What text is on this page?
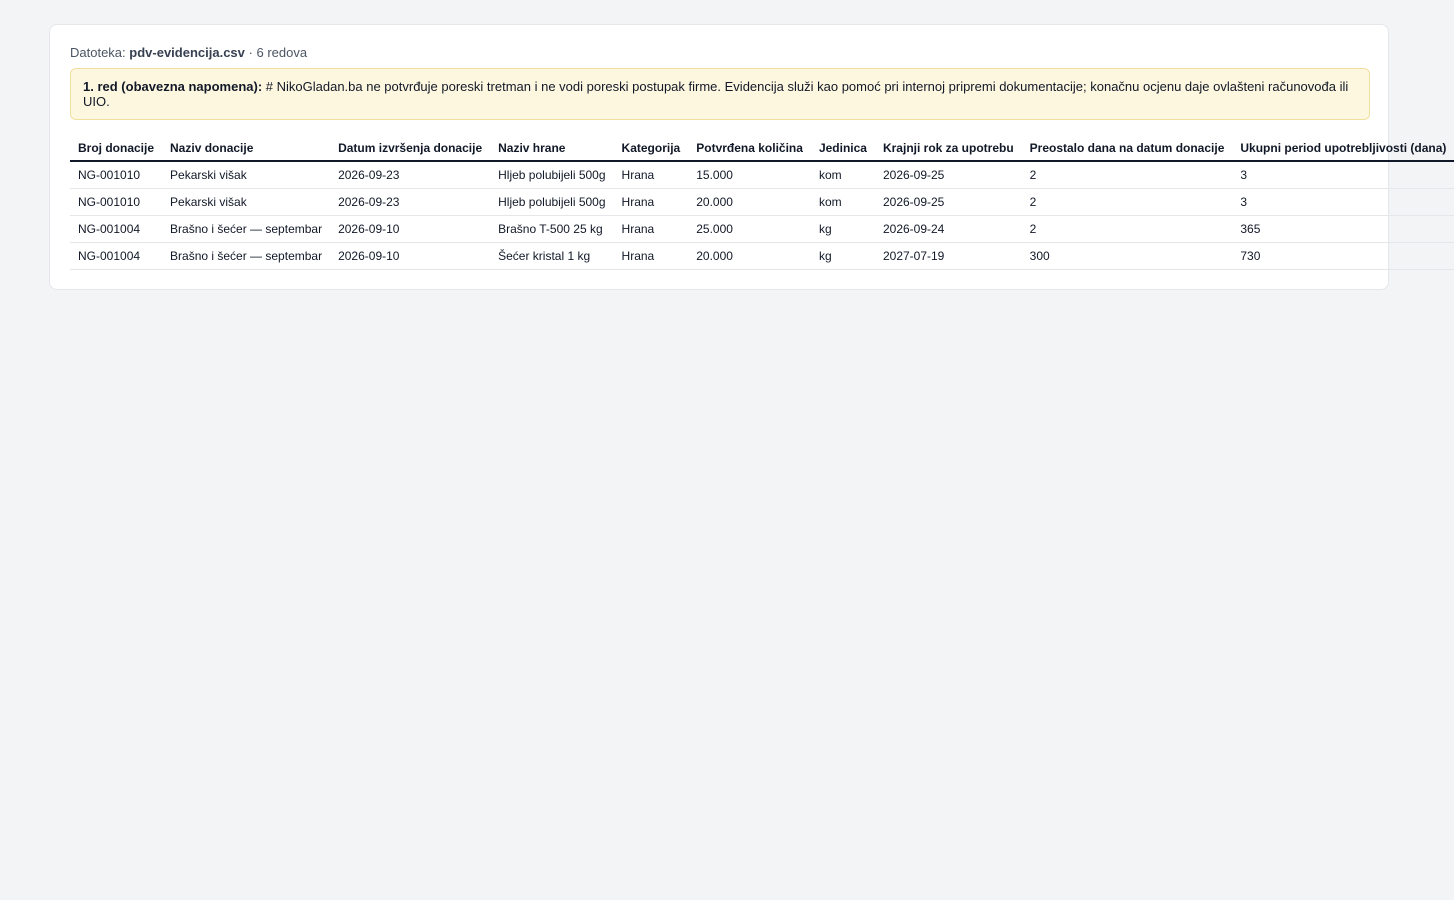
Datoteka: pdv-evidencija.csv · 6 redova
1. red (obavezna napomena): # NikoGladan.ba ne potvrđuje poreski tretman i ne vodi poreski postupak firme. Evidencija služi kao pomoć pri internoj pripremi dokumentacije; konačnu ocjenu daje ovlašteni računovođa ili UIO.
Broj donacije	Naziv donacije	Datum izvršenja donacije	Naziv hrane	Kategorija	Potvrđena količina	Jedinica	Krajnji rok za upotrebu	Preostalo dana na datum donacije	Ukupni period upotrebljivosti (dana)
NG-001010	Pekarski višak	2026-09-23	Hljeb polubijeli 500g	Hrana	15.000	kom	2026-09-25	2	3
NG-001010	Pekarski višak	2026-09-23	Hljeb polubijeli 500g	Hrana	20.000	kom	2026-09-25	2	3
NG-001004	Brašno i šećer — septembar	2026-09-10	Brašno T-500 25 kg	Hrana	25.000	kg	2026-09-24	2	365
NG-001004	Brašno i šećer — septembar	2026-09-10	Šećer kristal 1 kg	Hrana	20.000	kg	2027-07-19	300	730
